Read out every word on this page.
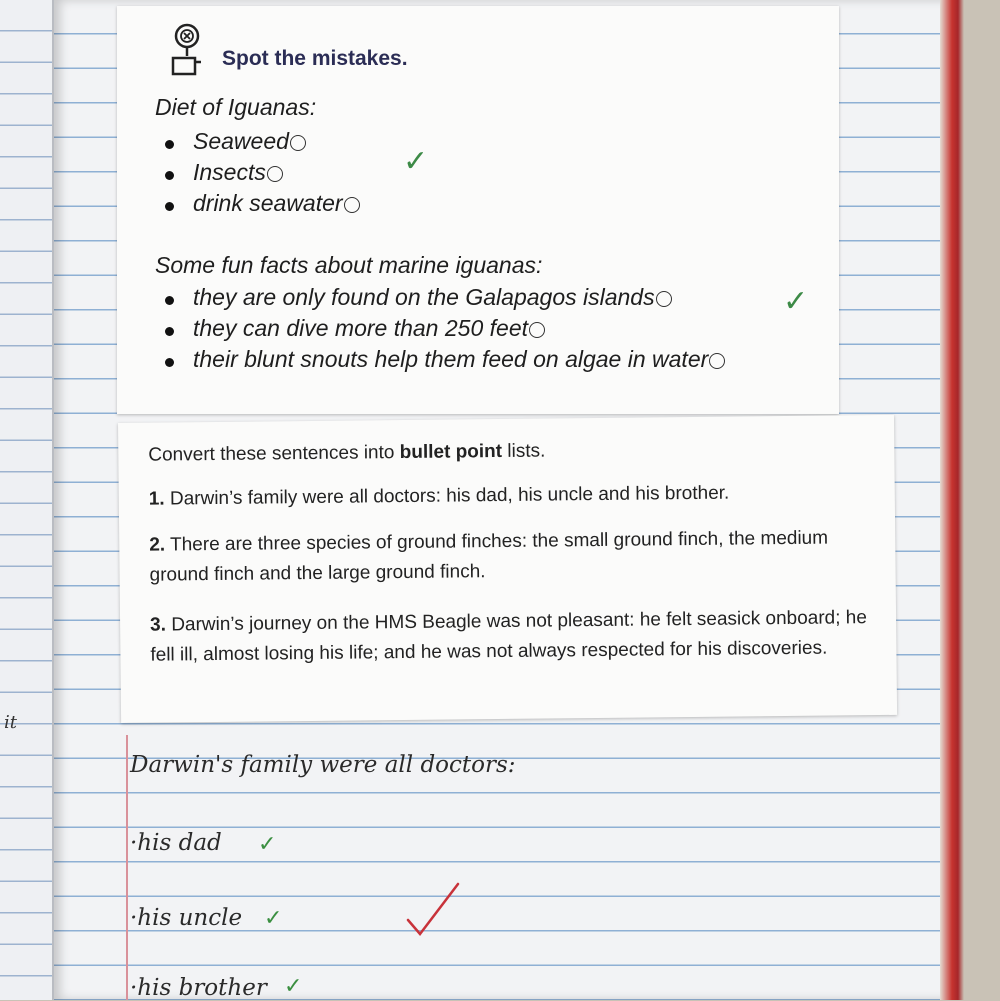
it
Spot the mistakes.
Diet of Iguanas:
Seaweed
Insects
drink seawater
✓
Some fun facts about marine iguanas:
they are only found on the Galapagos islands
they can dive more than 250 feet
their blunt snouts help them feed on algae in water
✓
Convert these sentences into bullet point lists.
1. Darwin’s family were all doctors: his dad, his uncle and his brother.
2. There are three species of ground finches: the small ground finch, the medium ground finch and the large ground finch.
3. Darwin’s journey on the HMS Beagle was not pleasant: he felt seasick onboard; he fell ill, almost losing his life; and he was not always respected for his discoveries.
Darwin's family were all doctors:
·his dad ✓
·his uncle ✓
·his brother ✓
